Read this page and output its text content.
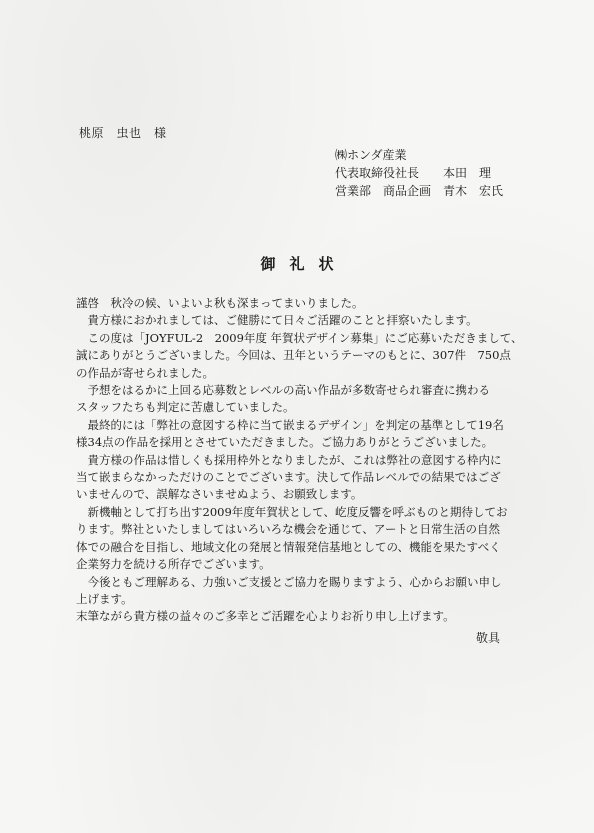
桃原　虫也　様
㈱ホンダ産業
代表取締役社長　　本田　理
営業部　商品企画　青木　宏氏
御礼状

謹啓　秋冷の候、いよいよ秋も深まってまいりました。

　貴方様におかれましては、ご健勝にて日々ご活躍のことと拝察いたします。

　この度は「JOYFUL-2　2009年度 年賀状デザイン募集」にご応募いただきまして、

誠にありがとうございました。今回は、丑年というテーマのもとに、307件　750点

の作品が寄せられました。

　予想をはるかに上回る応募数とレベルの高い作品が多数寄せられ審査に携わる

スタッフたちも判定に苦慮していました。

　最終的には「弊社の意図する枠に当て嵌まるデザイン」を判定の基準として19名

様34点の作品を採用とさせていただきました。ご協力ありがとうございました。

　貴方様の作品は惜しくも採用枠外となりましたが、これは弊社の意図する枠内に

当て嵌まらなかっただけのことでございます。決して作品レベルでの結果ではござ

いませんので、誤解なさいませぬよう、お願致します。

　新機軸として打ち出す2009年度年賀状として、屹度反響を呼ぶものと期待してお

ります。弊社といたしましてはいろいろな機会を通じて、アートと日常生活の自然

体での融合を目指し、地域文化の発展と情報発信基地としての、機能を果たすべく

企業努力を続ける所存でございます。

　今後ともご理解ある、力強いご支援とご協力を賜りますよう、心からお願い申し

上げます。

末筆ながら貴方様の益々のご多幸とご活躍を心よりお祈り申し上げます。

敬具
